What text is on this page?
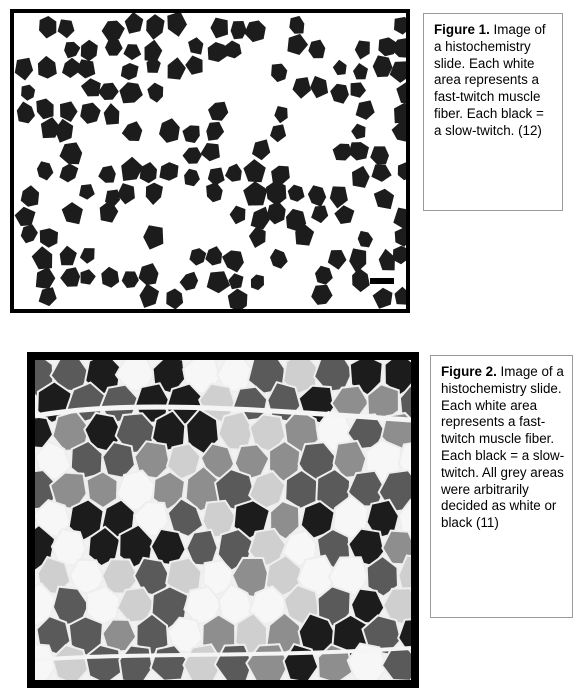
b	Figure 1. Image of a histochemistry slide. Each white area represents a fast-twitch muscle fiber. Each black = a slow-twitch. (12)
Figure 2. Image of a histochemistry slide. Each white area represents a fast-twitch muscle fiber. Each black = a slow-twitch. All grey areas were arbitrarily decided as white or black (11)
